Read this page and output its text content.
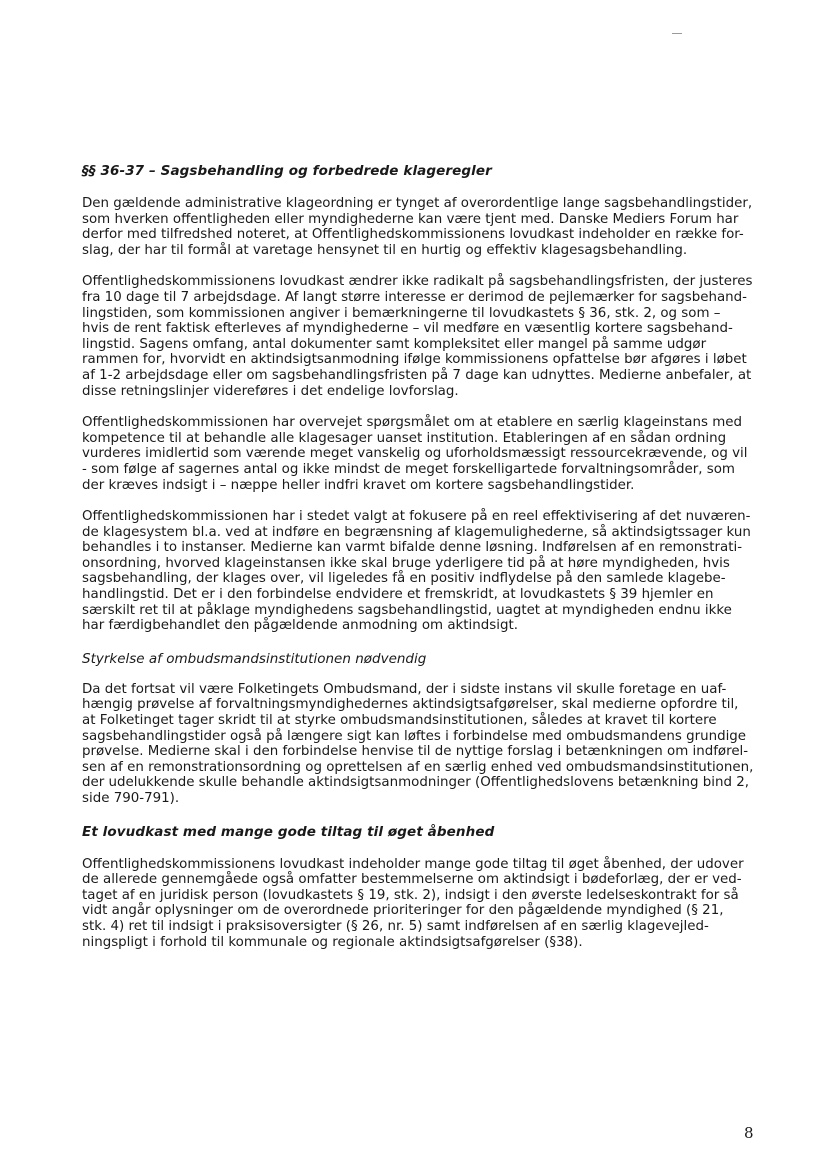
§§ 36-37 – Sagsbehandling og forbedrede klageregler
Den gældende administrative klageordning er tynget af overordentlige lange sagsbehandlingstider,
som hverken offentligheden eller myndighederne kan være tjent med. Danske Mediers Forum har
derfor med tilfredshed noteret, at Offentlighedskommissionens lovudkast indeholder en række for-
slag, der har til formål at varetage hensynet til en hurtig og effektiv klagesagsbehandling.
Offentlighedskommissionens lovudkast ændrer ikke radikalt på sagsbehandlingsfristen, der justeres
fra 10 dage til 7 arbejdsdage. Af langt større interesse er derimod de pejlemærker for sagsbehand-
lingstiden, som kommissionen angiver i bemærkningerne til lovudkastets § 36, stk. 2, og som –
hvis de rent faktisk efterleves af myndighederne – vil medføre en væsentlig kortere sagsbehand-
lingstid. Sagens omfang, antal dokumenter samt kompleksitet eller mangel på samme udgør
rammen for, hvorvidt en aktindsigtsanmodning ifølge kommissionens opfattelse bør afgøres i løbet
af 1-2 arbejdsdage eller om sagsbehandlingsfristen på 7 dage kan udnyttes. Medierne anbefaler, at
disse retningslinjer videreføres i det endelige lovforslag.
Offentlighedskommissionen har overvejet spørgsmålet om at etablere en særlig klageinstans med
kompetence til at behandle alle klagesager uanset institution. Etableringen af en sådan ordning
vurderes imidlertid som værende meget vanskelig og uforholdsmæssigt ressourcekrævende, og vil
- som følge af sagernes antal og ikke mindst de meget forskelligartede forvaltningsområder, som
der kræves indsigt i – næppe heller indfri kravet om kortere sagsbehandlingstider.
Offentlighedskommissionen har i stedet valgt at fokusere på en reel effektivisering af det nuværen-
de klagesystem bl.a. ved at indføre en begrænsning af klagemulighederne, så aktindsigtssager kun
behandles i to instanser. Medierne kan varmt bifalde denne løsning. Indførelsen af en remonstrati-
onsordning, hvorved klageinstansen ikke skal bruge yderligere tid på at høre myndigheden, hvis
sagsbehandling, der klages over, vil ligeledes få en positiv indflydelse på den samlede klagebe-
handlingstid. Det er i den forbindelse endvidere et fremskridt, at lovudkastets § 39 hjemler en
særskilt ret til at påklage myndighedens sagsbehandlingstid, uagtet at myndigheden endnu ikke
har færdigbehandlet den pågældende anmodning om aktindsigt.
Styrkelse af ombudsmandsinstitutionen nødvendig
Da det fortsat vil være Folketingets Ombudsmand, der i sidste instans vil skulle foretage en uaf-
hængig prøvelse af forvaltningsmyndighedernes aktindsigtsafgørelser, skal medierne opfordre til,
at Folketinget tager skridt til at styrke ombudsmandsinstitutionen, således at kravet til kortere
sagsbehandlingstider også på længere sigt kan løftes i forbindelse med ombudsmandens grundige
prøvelse. Medierne skal i den forbindelse henvise til de nyttige forslag i betænkningen om indførel-
sen af en remonstrationsordning og oprettelsen af en særlig enhed ved ombudsmandsinstitutionen,
der udelukkende skulle behandle aktindsigtsanmodninger (Offentlighedslovens betænkning bind 2,
side 790-791).
Et lovudkast med mange gode tiltag til øget åbenhed
Offentlighedskommissionens lovudkast indeholder mange gode tiltag til øget åbenhed, der udover
de allerede gennemgåede også omfatter bestemmelserne om aktindsigt i bødeforlæg, der er ved-
taget af en juridisk person (lovudkastets § 19, stk. 2), indsigt i den øverste ledelseskontrakt for så
vidt angår oplysninger om de overordnede prioriteringer for den pågældende myndighed (§ 21,
stk. 4) ret til indsigt i praksisoversigter (§ 26, nr. 5) samt indførelsen af en særlig klagevejled-
ningspligt i forhold til kommunale og regionale aktindsigtsafgørelser (§38).
8
